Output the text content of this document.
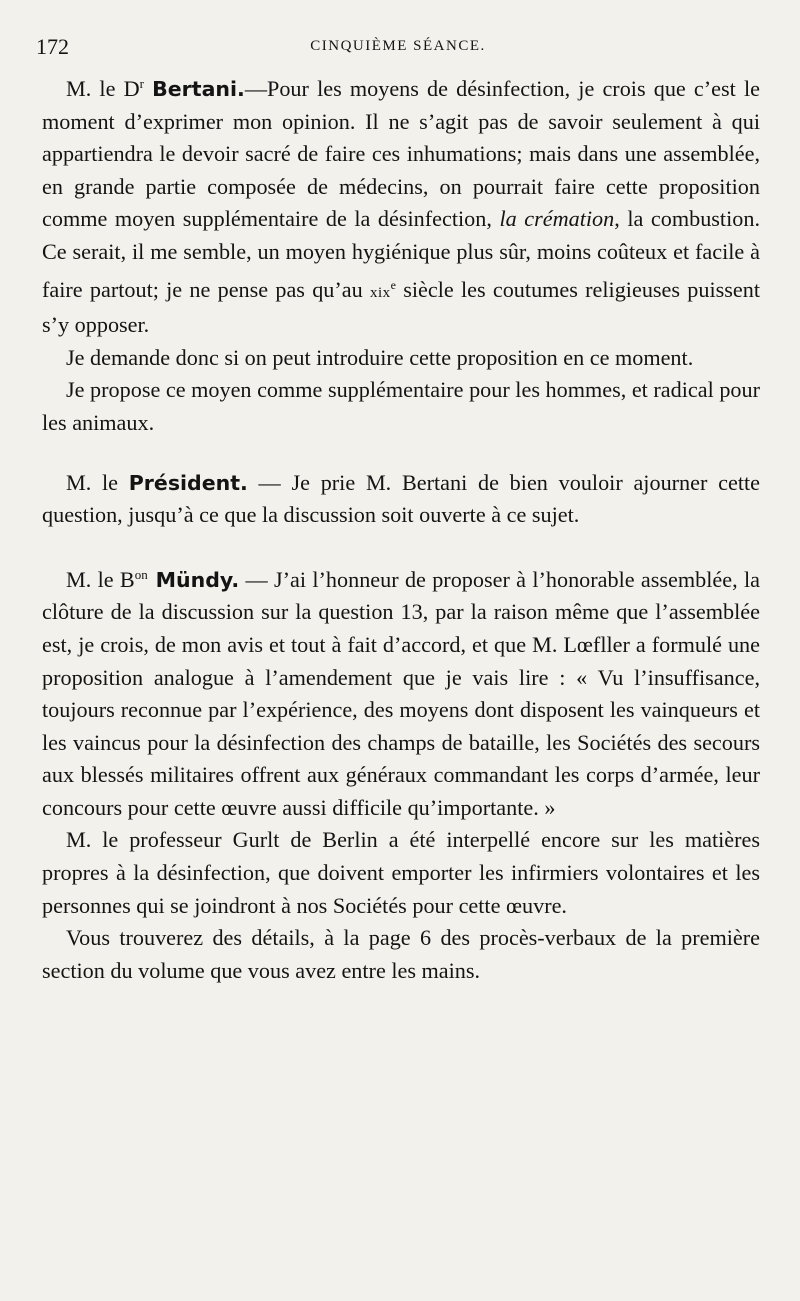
172	CINQUIÈME SÉANCE.

M. le $D^r$ Bertani.—Pour les moyens de désinfection, je crois que c’est le moment d’exprimer mon opinion. Il ne s’agit pas de savoir seulement à qui appartiendra le devoir sacré de faire ces inhumations; mais dans une assemblée, en grande partie composée de médecins, on pourrait faire cette proposition comme moyen supplémentaire de la désinfection, la crémation, la combustion. Ce serait, il me semble, un moyen hygiénique plus sûr, moins coûteux et facile à faire partout; je ne pense pas qu’au xix$^e$ siècle les coutumes religieuses puissent s’y opposer.

Je demande donc si on peut introduire cette proposition en ce moment.

Je propose ce moyen comme supplémentaire pour les hommes, et radical pour les animaux.

M. le Président. — Je prie M. Bertani de bien vouloir ajourner cette question, jusqu’à ce que la discussion soit ouverte à ce sujet.

M. le $B^{on}$ Mündy. — J’ai l’honneur de proposer à l’honorable assemblée, la clôture de la discussion sur la question 13, par la raison même que l’assemblée est, je crois, de mon avis et tout à fait d’accord, et que M. Lœfller a formulé une proposition analogue à l’amendement que je vais lire : « Vu l’insuffisance, toujours reconnue par l’expérience, des moyens dont disposent les vainqueurs et les vaincus pour la désinfection des champs de bataille, les Sociétés des secours aux blessés militaires offrent aux généraux commandant les corps d’armée, leur concours pour cette œuvre aussi difficile qu’importante. »

M. le professeur Gurlt de Berlin a été interpellé encore sur les matières propres à la désinfection, que doivent emporter les infirmiers volontaires et les personnes qui se joindront à nos Sociétés pour cette œuvre.

Vous trouverez des détails, à la page 6 des procès-verbaux de la première section du volume que vous avez entre les mains.
